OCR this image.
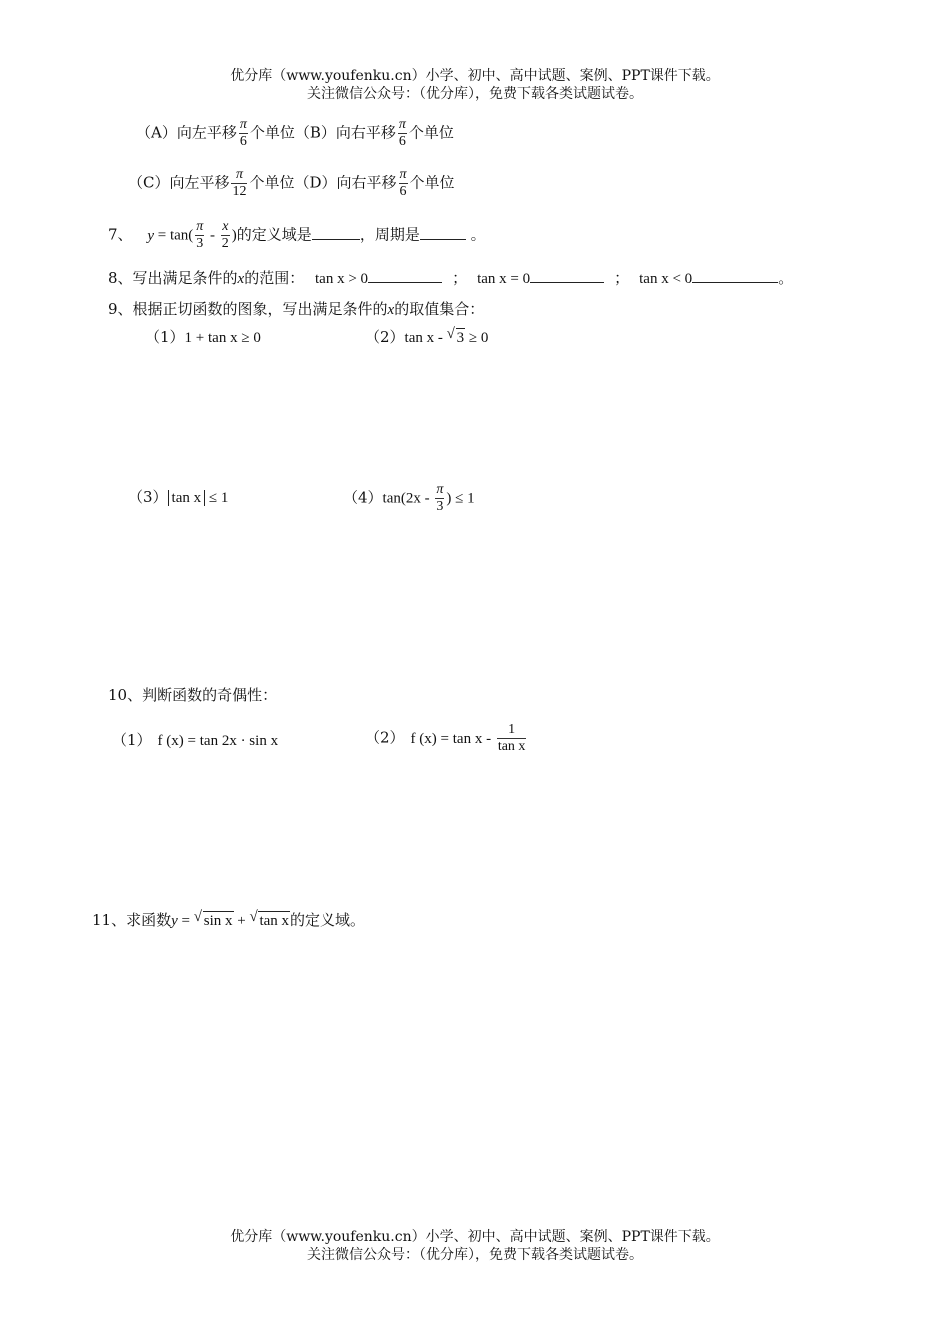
优分库（www.youfenku.cn）小学、初中、高中试题、案例、PPT课件下载。
关注微信公众号：（优分库），免费下载各类试题试卷。
（A）向左平移 $\frac{\pi}{6}$ 个单位（B）向右平移 $\frac{\pi}{6}$ 个单位
（C）向左平移 $\frac{\pi}{12}$ 个单位（D）向右平移 $\frac{\pi}{6}$ 个单位
7、 $y = \tan( \frac{\pi}{3} - \frac{x}{2}$ )的定义域是	，周期是	。
8、写出满足条件的x的范围： tan x > 0	； tan x = 0	； tan x < 0	。
9、根据正切函数的图象，写出满足条件的x的取值集合：
（1）1 + tan x ≥ 0	（2）tan x - √ 3 ≥ 0
（3） tan x ≤ 1	$(4)\tan(2x - \frac{\pi}{3}$ ) ≤ 1
10、判断函数的奇偶性：
（1） f (x) = tan 2x · sin x	（2） f $(x) = \tan x - \frac{1}{\text{tan x}}$
11、求函数y = √ sin x + √ tan x的定义域。
优分库（www.youfenku.cn）小学、初中、高中试题、案例、PPT课件下载。
关注微信公众号：（优分库），免费下载各类试题试卷。
